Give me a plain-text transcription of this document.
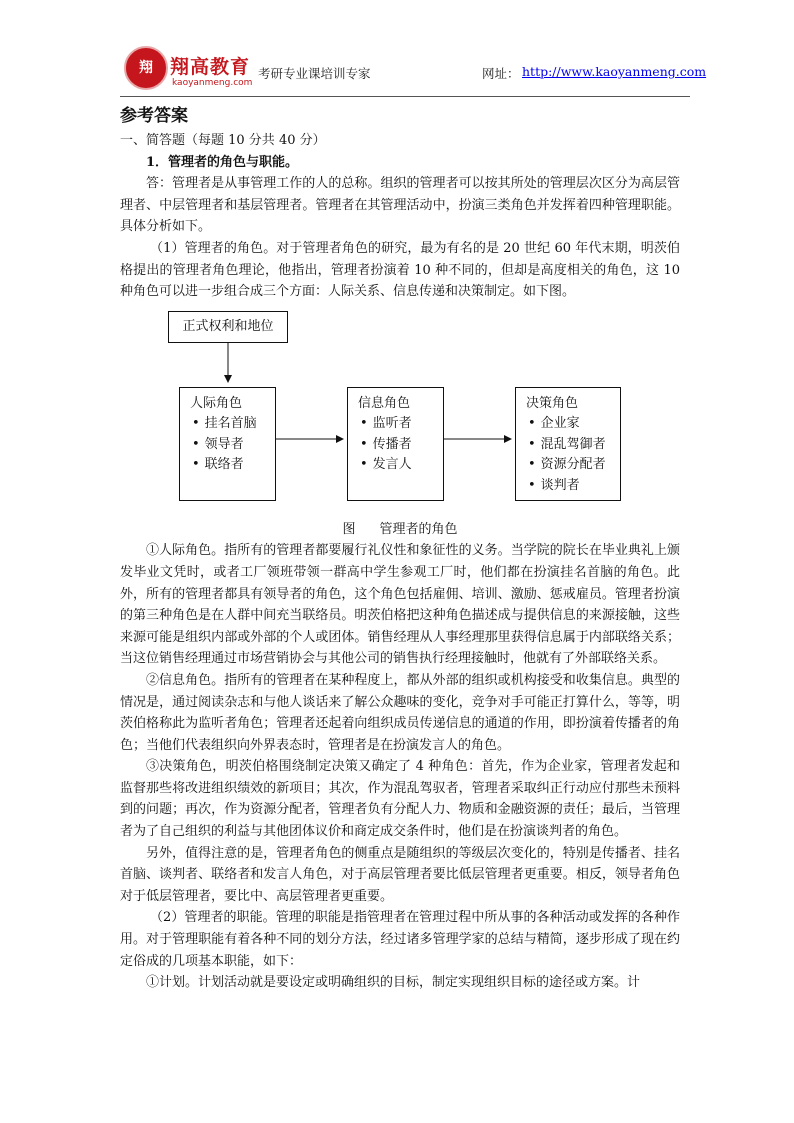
翔 翔高教育
kaoyanmeng.com
考研专业课培训专家	网址： http://www.kaoyanmeng.com

参考答案

一、简答题（每题 10 分共 40 分）

1．管理者的角色与职能。

答：管理者是从事管理工作的人的总称。组织的管理者可以按其所处的管理层次区分为高层管理者、中层管理者和基层管理者。管理者在其管理活动中，扮演三类角色并发挥着四种管理职能。具体分析如下。

（1）管理者的角色。对于管理者角色的研究，最为有名的是 20 世纪 60 年代末期，明茨伯格提出的管理者角色理论，他指出，管理者扮演着 10 种不同的，但却是高度相关的角色，这 10 种角色可以进一步组合成三个方面：人际关系、信息传递和决策制定。如下图。

正式权利和地位

人际角色

• 挂名首脑

• 领导者

• 联络者

信息角色

• 监听者

• 传播者

• 发言人

决策角色

• 企业家

• 混乱驾御者

• 资源分配者

• 谈判者

图 管理者的角色

①人际角色。指所有的管理者都要履行礼仪性和象征性的义务。当学院的院长在毕业典礼上颁发毕业文凭时，或者工厂领班带领一群高中学生参观工厂时，他们都在扮演挂名首脑的角色。此外，所有的管理者都具有领导者的角色，这个角色包括雇佣、培训、激励、惩戒雇员。管理者扮演的第三种角色是在人群中间充当联络员。明茨伯格把这种角色描述成与提供信息的来源接触，这些来源可能是组织内部或外部的个人或团体。销售经理从人事经理那里获得信息属于内部联络关系；当这位销售经理通过市场营销协会与其他公司的销售执行经理接触时，他就有了外部联络关系。

②信息角色。指所有的管理者在某种程度上，都从外部的组织或机构接受和收集信息。典型的情况是，通过阅读杂志和与他人谈话来了解公众趣味的变化，竞争对手可能正打算什么，等等，明茨伯格称此为监听者角色；管理者还起着向组织成员传递信息的通道的作用，即扮演着传播者的角色；当他们代表组织向外界表态时，管理者是在扮演发言人的角色。

③决策角色，明茨伯格围绕制定决策又确定了 4 种角色：首先，作为企业家，管理者发起和监督那些将改进组织绩效的新项目；其次，作为混乱驾驭者，管理者采取纠正行动应付那些未预料到的问题；再次，作为资源分配者，管理者负有分配人力、物质和金融资源的责任；最后，当管理者为了自己组织的利益与其他团体议价和商定成交条件时，他们是在扮演谈判者的角色。

另外，值得注意的是，管理者角色的侧重点是随组织的等级层次变化的，特别是传播者、挂名首脑、谈判者、联络者和发言人角色，对于高层管理者要比低层管理者更重要。相反，领导者角色对于低层管理者，要比中、高层管理者更重要。

（2）管理者的职能。管理的职能是指管理者在管理过程中所从事的各种活动或发挥的各种作用。对于管理职能有着各种不同的划分方法，经过诸多管理学家的总结与精简，逐步形成了现在约定俗成的几项基本职能，如下：

①计划。计划活动就是要设定或明确组织的目标，制定实现组织目标的途径或方案。计
